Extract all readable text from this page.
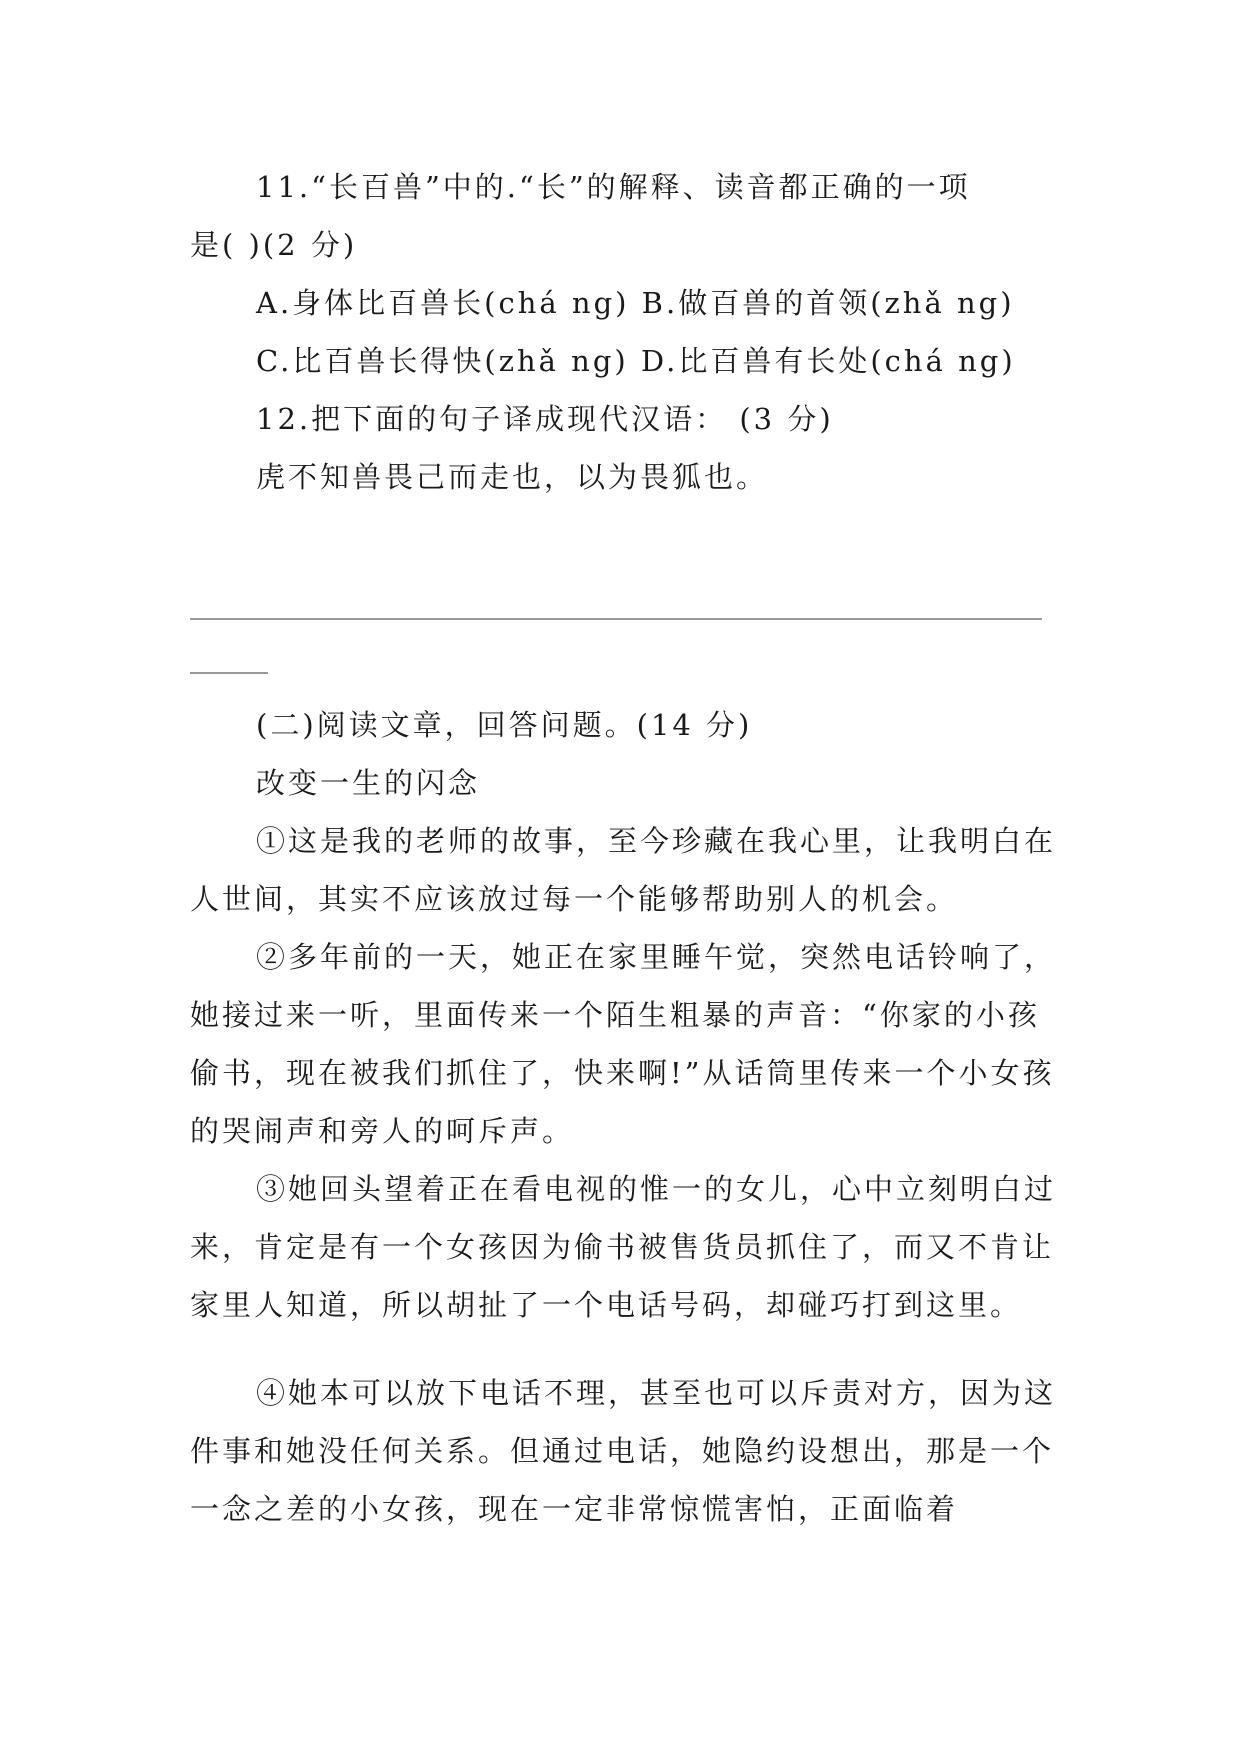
11.“长百兽”中的.“长”的解释、读音都正确的一项
是( )(2 分)

A.身体比百兽长(chá ng) B.做百兽的首领(zhǎ ng)

C.比百兽长得快(zhǎ ng) D.比百兽有长处(chá ng)

12.把下面的句子译成现代汉语： (3 分)

虎不知兽畏己而走也，以为畏狐也。

(二)阅读文章，回答问题。(14 分)

改变一生的闪念

①这是我的老师的故事，至今珍藏在我心里，让我明白在人世间，其实不应该放过每一个能够帮助别人的机会。

②多年前的一天，她正在家里睡午觉，突然电话铃响了，她接过来一听，里面传来一个陌生粗暴的声音：“你家的小孩偷书，现在被我们抓住了，快来啊!”从话筒里传来一个小女孩的哭闹声和旁人的呵斥声。

③她回头望着正在看电视的惟一的女儿，心中立刻明白过来，肯定是有一个女孩因为偷书被售货员抓住了，而又不肯让家里人知道，所以胡扯了一个电话号码，却碰巧打到这里。

④她本可以放下电话不理，甚至也可以斥责对方，因为这件事和她没任何关系。但通过电话，她隐约设想出，那是一个一念之差的小女孩，现在一定非常惊慌害怕，正面临着
